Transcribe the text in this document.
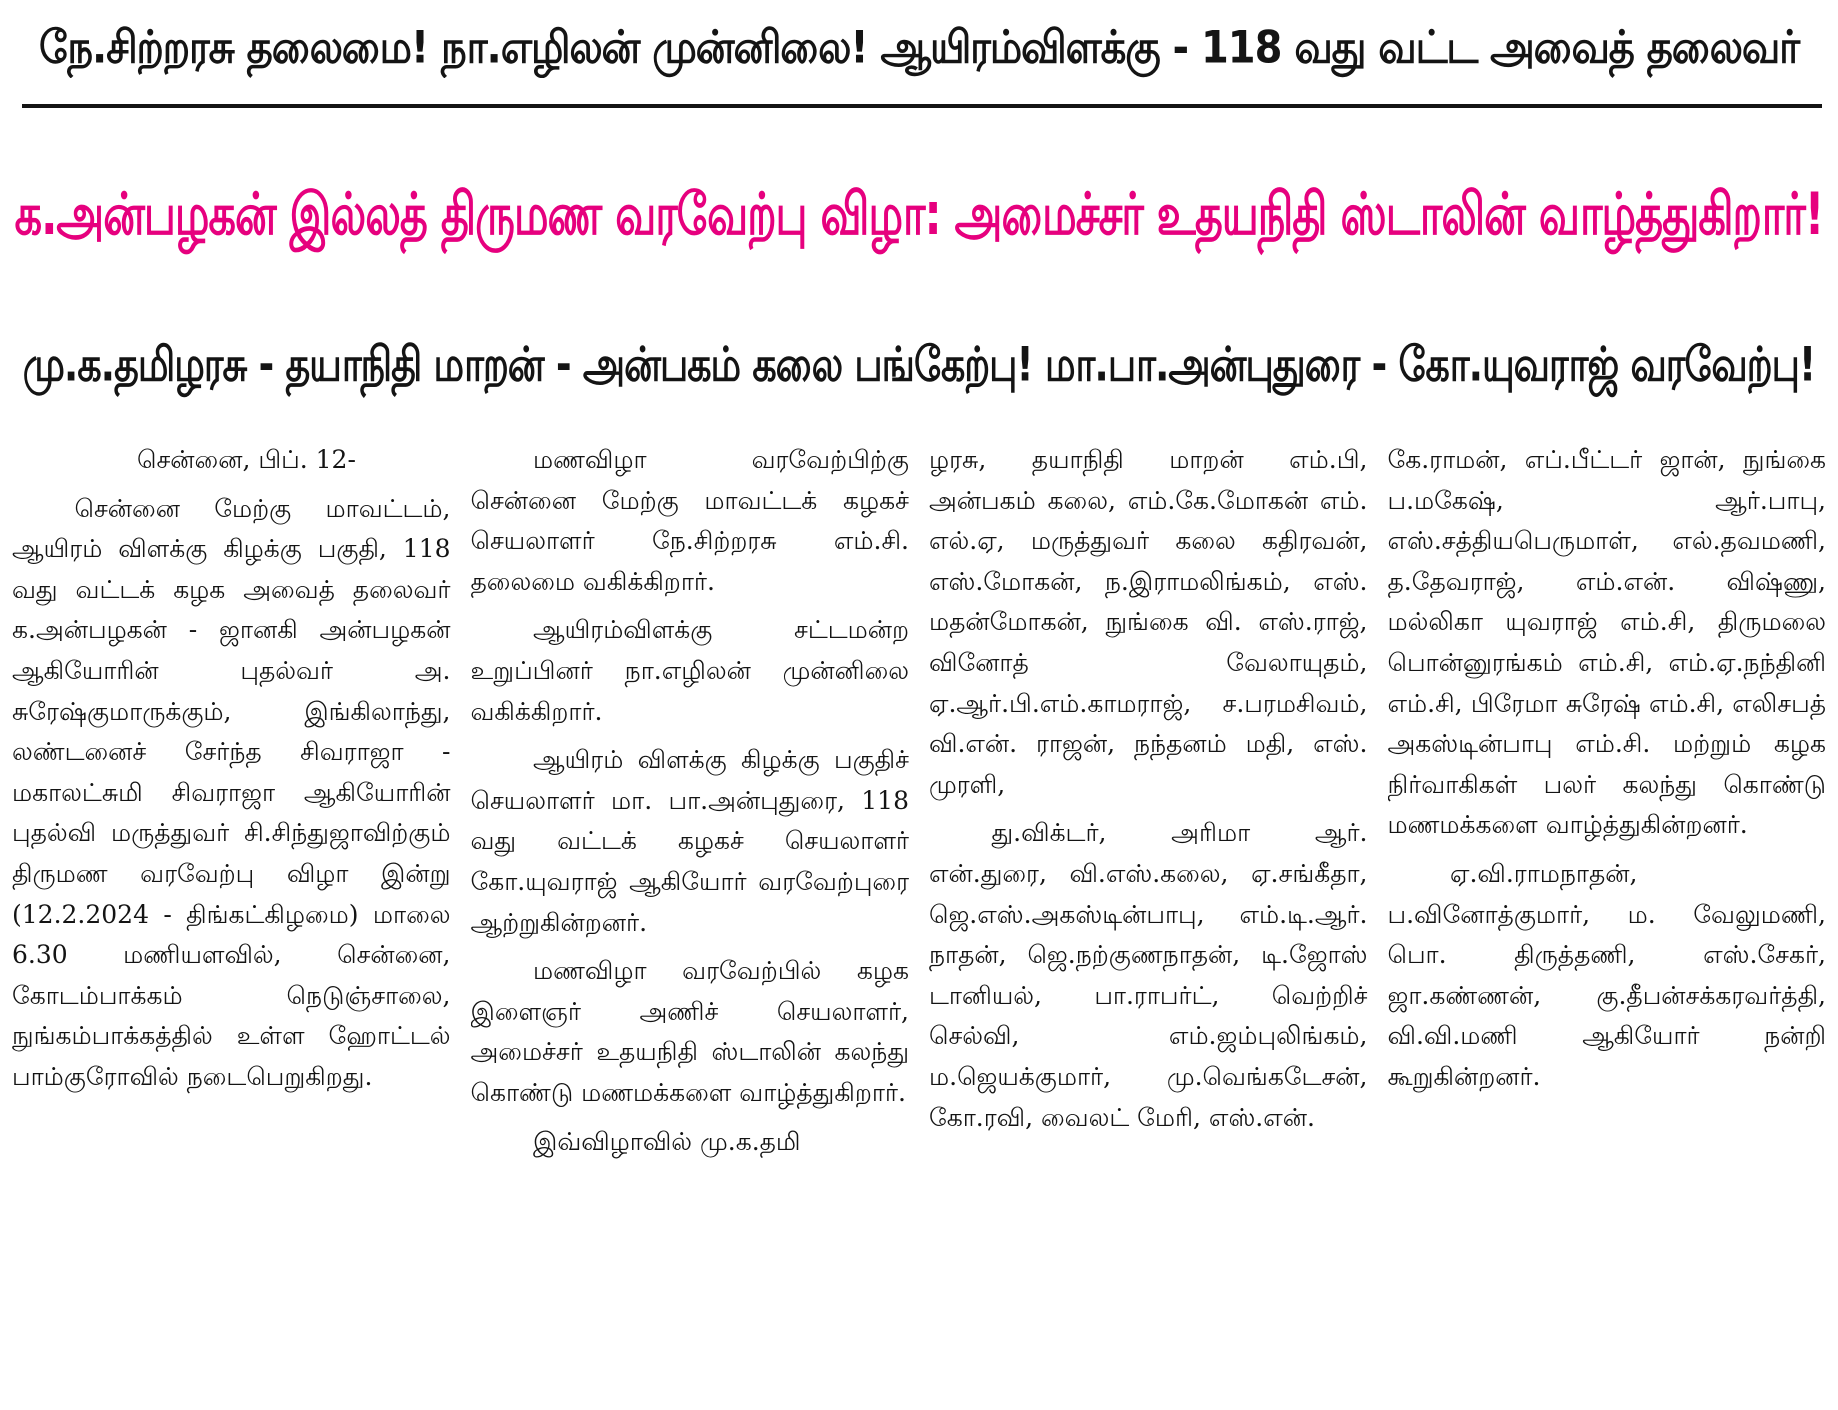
நே.சிற்றரசு தலைமை! நா.எழிலன் முன்னிலை! ஆயிரம்விளக்கு - 118 வது வட்ட அவைத் தலைவர்
க.அன்பழகன் இல்லத் திருமண வரவேற்பு விழா: அமைச்சர் உதயநிதி ஸ்டாலின் வாழ்த்துகிறார்!
மு.க.தமிழரசு - தயாநிதி மாறன் - அன்பகம் கலை பங்கேற்பு! மா.பா.அன்புதுரை - கோ.யுவராஜ் வரவேற்பு!

சென்னை, பிப். 12-

சென்னை மேற்கு மாவட்டம், ஆயிரம் விளக்கு கிழக்கு பகுதி, 118 வது வட்டக் கழக அவைத் தலைவர் க.அன்பழகன் - ஜானகி அன்பழகன் ஆகியோரின் புதல்வர் அ. சுரேஷ்குமாருக்கும், இங்கிலாந்து, லண்டனைச் சேர்ந்த சிவராஜா - மகாலட்சுமி சிவராஜா ஆகியோரின் புதல்வி மருத்துவர் சி.சிந்துஜாவிற்கும் திருமண வரவேற்பு விழா இன்று (12.2.2024 - திங்கட்கிழமை) மாலை 6.30 மணியளவில், சென்னை, கோடம்பாக்கம் நெடுஞ்சாலை, நுங்கம்பாக்கத்தில் உள்ள ஹோட்டல் பாம்குரோவில் நடைபெறுகிறது.

மணவிழா வரவேற்பிற்கு சென்னை மேற்கு மாவட்டக் கழகச் செயலாளர் நே.சிற்றரசு எம்.சி. தலைமை வகிக்கிறார்.

ஆயிரம்விளக்கு சட்டமன்ற உறுப்பினர் நா.எழிலன் முன்னிலை வகிக்கிறார்.

ஆயிரம் விளக்கு கிழக்கு பகுதிச் செயலாளர் மா. பா.அன்புதுரை, 118 வது வட்டக் கழகச் செயலாளர் கோ.யுவராஜ் ஆகியோர் வரவேற்புரை ஆற்றுகின்றனர்.

மணவிழா வரவேற்பில் கழக இளைஞர் அணிச் செயலாளர், அமைச்சர் உதயநிதி ஸ்டாலின் கலந்து கொண்டு மணமக்களை வாழ்த்துகிறார்.

இவ்விழாவில் மு.க.தமி

ழரசு, தயாநிதி மாறன் எம்.பி, அன்பகம் கலை, எம்.கே.மோகன் எம். எல்.ஏ, மருத்துவர் கலை கதிரவன், எஸ்.மோகன், ந.இராமலிங்கம், எஸ். மதன்மோகன், நுங்கை வி. எஸ்.ராஜ், வினோத் வேலாயுதம், ஏ.ஆர்.பி.எம்.காமராஜ், ச.பரமசிவம், வி.என். ராஜன், நந்தனம் மதி, எஸ். முரளி,

து.விக்டர், அரிமா ஆர். என்.துரை, வி.எஸ்.கலை, ஏ.சங்கீதா, ஜெ.எஸ்.அகஸ்டின்பாபு, எம்.டி.ஆர். நாதன், ஜெ.நற்குணநாதன், டி.ஜோஸ் டானியல், பா.ராபர்ட், வெற்றிச் செல்வி, எம்.ஜம்புலிங்கம், ம.ஜெயக்குமார், மு.வெங்கடேசன், கோ.ரவி, வைலட் மேரி, எஸ்.என்.

கே.ராமன், எப்.பீட்டர் ஜான், நுங்கை ப.மகேஷ், ஆர்.பாபு, எஸ்.சத்தியபெருமாள், எல்.தவமணி, த.தேவராஜ், எம்.என். விஷ்ணு, மல்லிகா யுவராஜ் எம்.சி, திருமலை பொன்னுரங்கம் எம்.சி, எம்.ஏ.நந்தினி எம்.சி, பிரேமா சுரேஷ் எம்.சி, எலிசபத் அகஸ்டின்பாபு எம்.சி. மற்றும் கழக நிர்வாகிகள் பலர் கலந்து கொண்டு மணமக்களை வாழ்த்துகின்றனர்.

ஏ.வி.ராமநாதன், ப.வினோத்குமார், ம. வேலுமணி, பொ. திருத்தணி, எஸ்.சேகர், ஜா.கண்ணன், கு.தீபன்சக்கரவர்த்தி, வி.வி.மணி ஆகியோர் நன்றி கூறுகின்றனர்.
